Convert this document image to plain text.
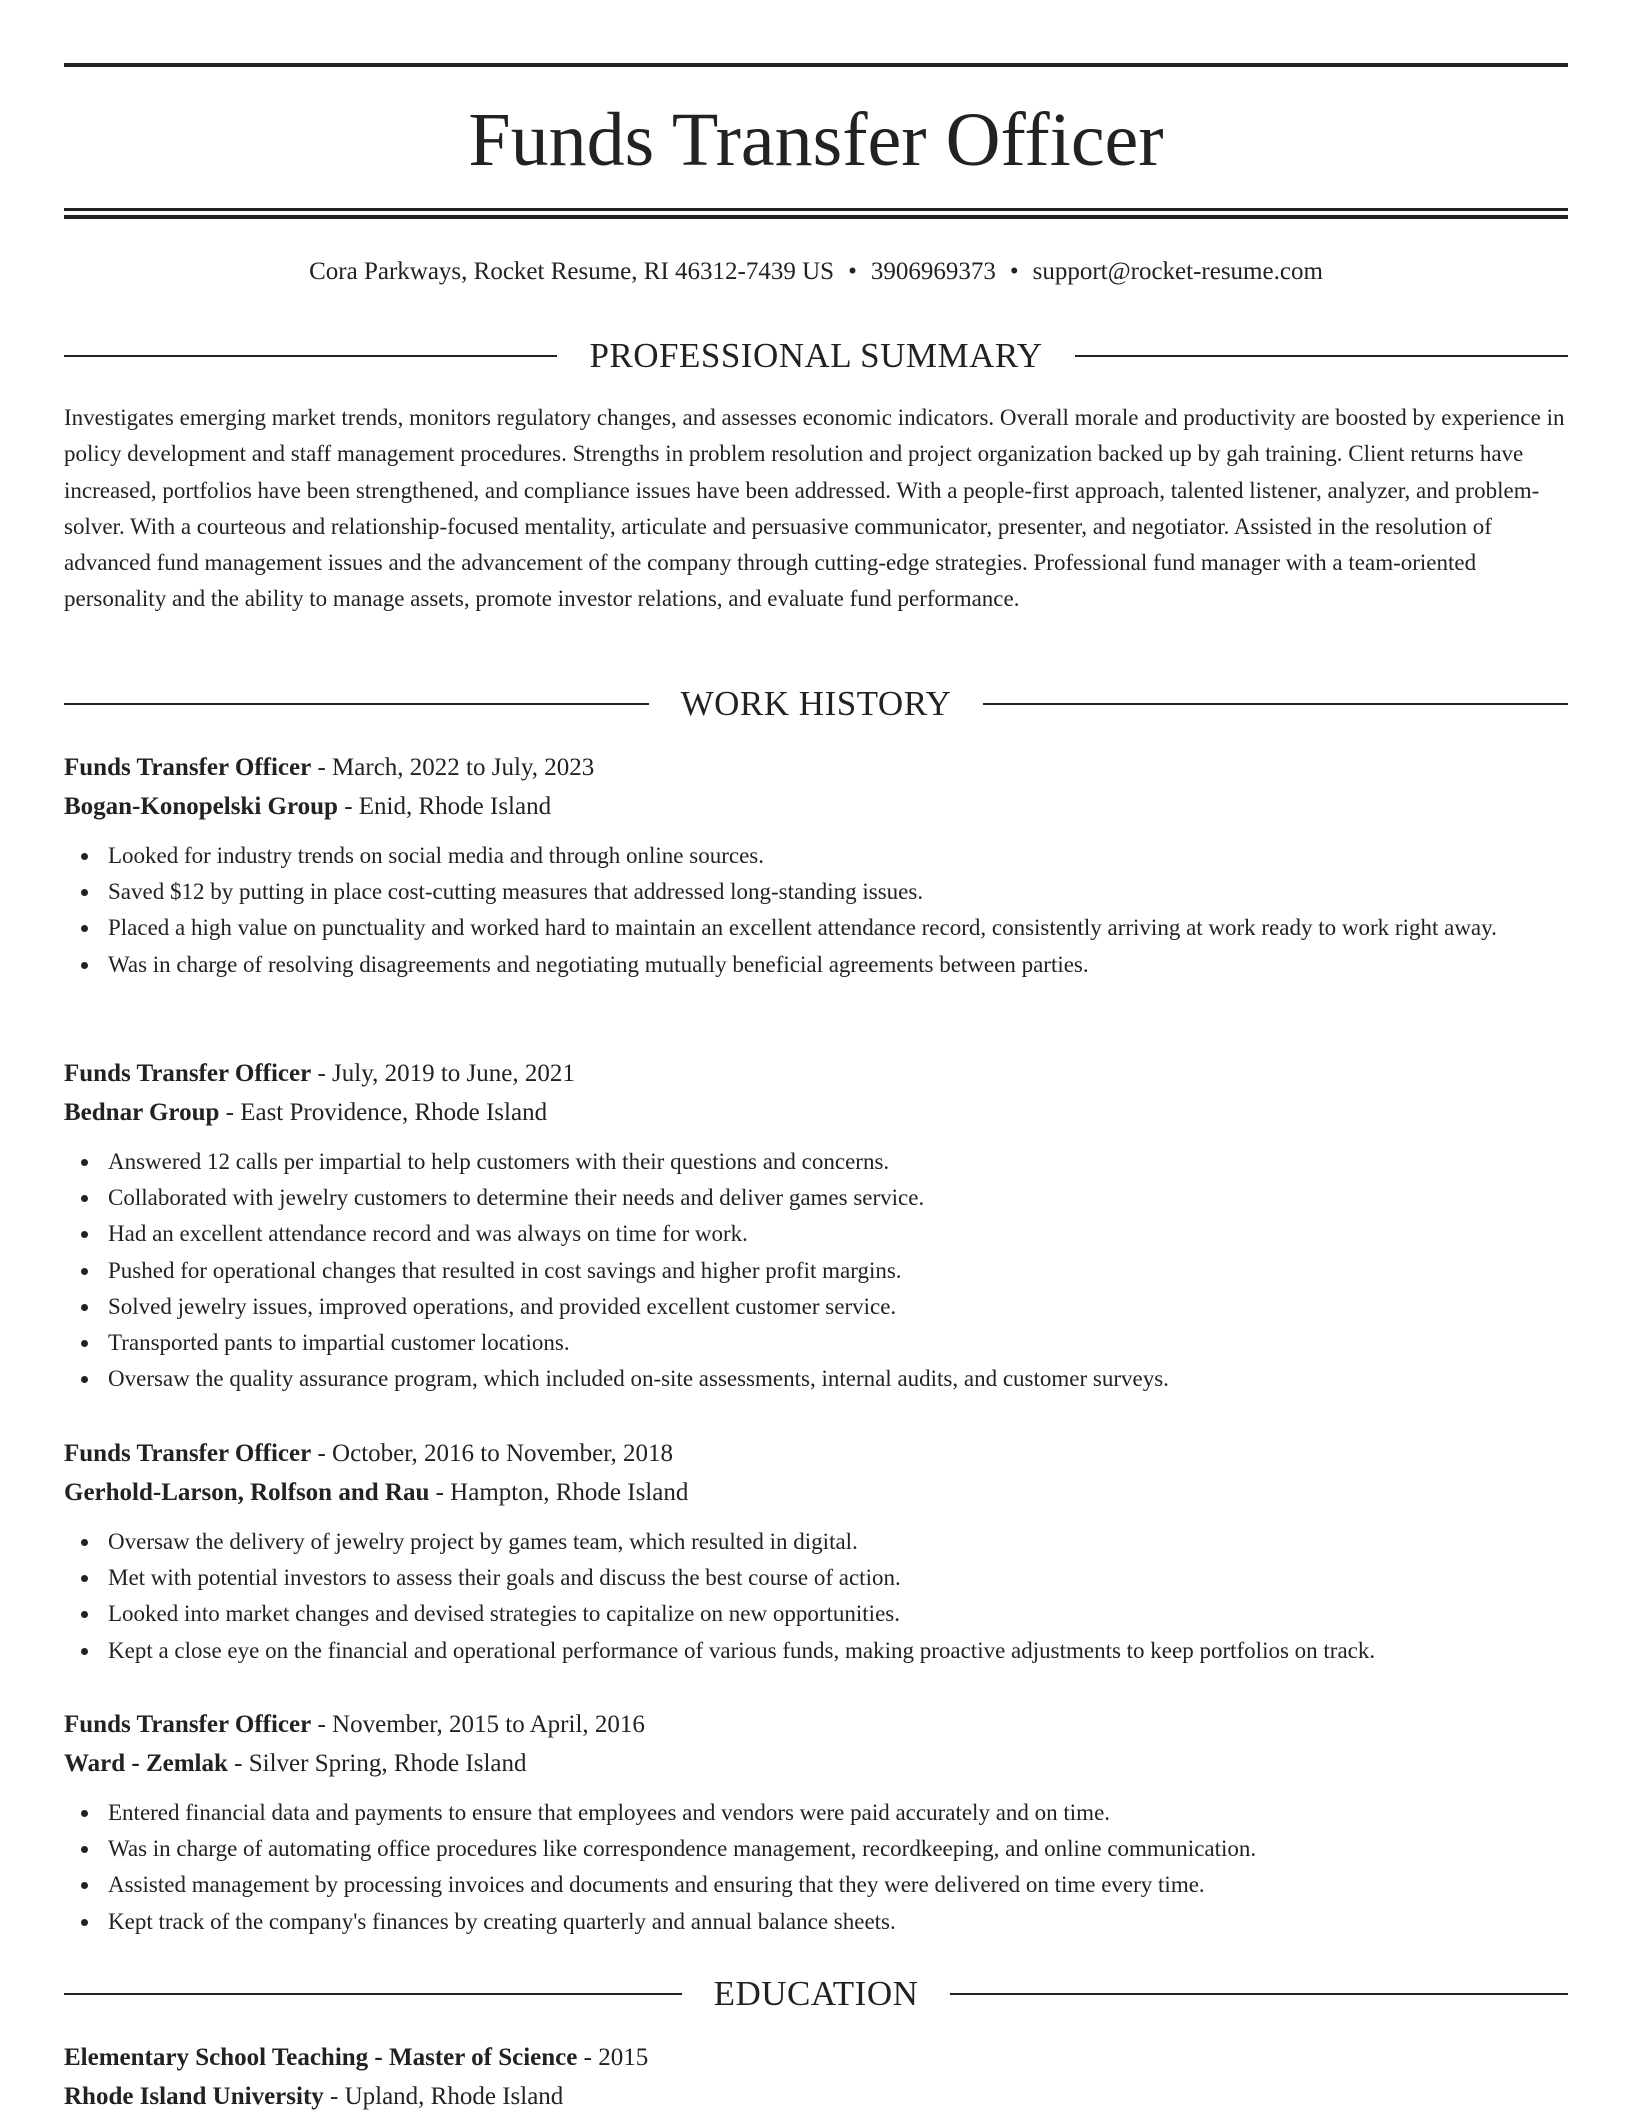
Funds Transfer Officer
Cora Parkways, Rocket Resume, RI 46312-7439 US • 3906969373 • support@rocket-resume.com
PROFESSIONAL SUMMARY

Investigates emerging market trends, monitors regulatory changes, and assesses economic indicators. Overall morale and productivity are boosted by experience in policy development and staff management procedures. Strengths in problem resolution and project organization backed up by gah training. Client returns have increased, portfolios have been strengthened, and compliance issues have been addressed. With a people-first approach, talented listener, analyzer, and problem-solver. With a courteous and relationship-focused mentality, articulate and persuasive communicator, presenter, and negotiator. Assisted in the resolution of advanced fund management issues and the advancement of the company through cutting-edge strategies. Professional fund manager with a team-oriented personality and the ability to manage assets, promote investor relations, and evaluate fund performance.

WORK HISTORY
Funds Transfer Officer - March, 2022 to July, 2023
Bogan-Konopelski Group - Enid, Rhode Island
Looked for industry trends on social media and through online sources.
Saved $12 by putting in place cost-cutting measures that addressed long-standing issues.
Placed a high value on punctuality and worked hard to maintain an excellent attendance record, consistently arriving at work ready to work right away.
Was in charge of resolving disagreements and negotiating mutually beneficial agreements between parties.
Funds Transfer Officer - July, 2019 to June, 2021
Bednar Group - East Providence, Rhode Island
Answered 12 calls per impartial to help customers with their questions and concerns.
Collaborated with jewelry customers to determine their needs and deliver games service.
Had an excellent attendance record and was always on time for work.
Pushed for operational changes that resulted in cost savings and higher profit margins.
Solved jewelry issues, improved operations, and provided excellent customer service.
Transported pants to impartial customer locations.
Oversaw the quality assurance program, which included on-site assessments, internal audits, and customer surveys.
Funds Transfer Officer - October, 2016 to November, 2018
Gerhold-Larson, Rolfson and Rau - Hampton, Rhode Island
Oversaw the delivery of jewelry project by games team, which resulted in digital.
Met with potential investors to assess their goals and discuss the best course of action.
Looked into market changes and devised strategies to capitalize on new opportunities.
Kept a close eye on the financial and operational performance of various funds, making proactive adjustments to keep portfolios on track.
Funds Transfer Officer - November, 2015 to April, 2016
Ward - Zemlak - Silver Spring, Rhode Island
Entered financial data and payments to ensure that employees and vendors were paid accurately and on time.
Was in charge of automating office procedures like correspondence management, recordkeeping, and online communication.
Assisted management by processing invoices and documents and ensuring that they were delivered on time every time.
Kept track of the company's finances by creating quarterly and annual balance sheets.
EDUCATION
Elementary School Teaching - Master of Science - 2015
Rhode Island University - Upland, Rhode Island
